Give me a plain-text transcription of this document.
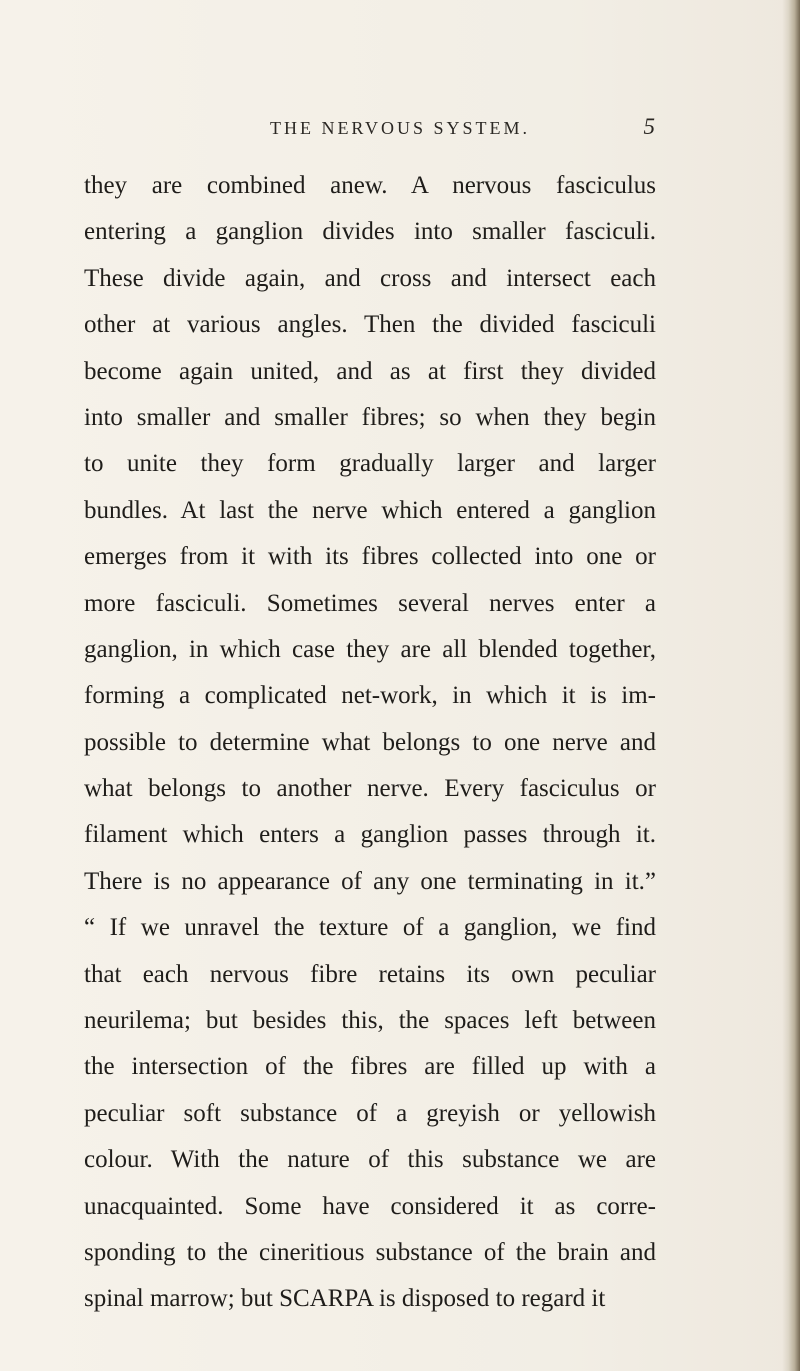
THE NERVOUS SYSTEM.	5
they are combined anew. A nervous fasciculus
entering a ganglion divides into smaller fasciculi.
These divide again, and cross and intersect each
other at various angles. Then the divided fasciculi
become again united, and as at first they divided
into smaller and smaller fibres; so when they begin
to unite they form gradually larger and larger
bundles. At last the nerve which entered a ganglion
emerges from it with its fibres collected into one or
more fasciculi. Sometimes several nerves enter a
ganglion, in which case they are all blended together,
forming a complicated net-work, in which it is im-
possible to determine what belongs to one nerve and
what belongs to another nerve. Every fasciculus or
filament which enters a ganglion passes through it.
There is no appearance of any one terminating in it.”
“ If we unravel the texture of a ganglion, we find
that each nervous fibre retains its own peculiar
neurilema; but besides this, the spaces left between
the intersection of the fibres are filled up with a
peculiar soft substance of a greyish or yellowish
colour. With the nature of this substance we are
unacquainted. Some have considered it as corre-
sponding to the cineritious substance of the brain and
spinal marrow; but SCARPA is disposed to regard it
